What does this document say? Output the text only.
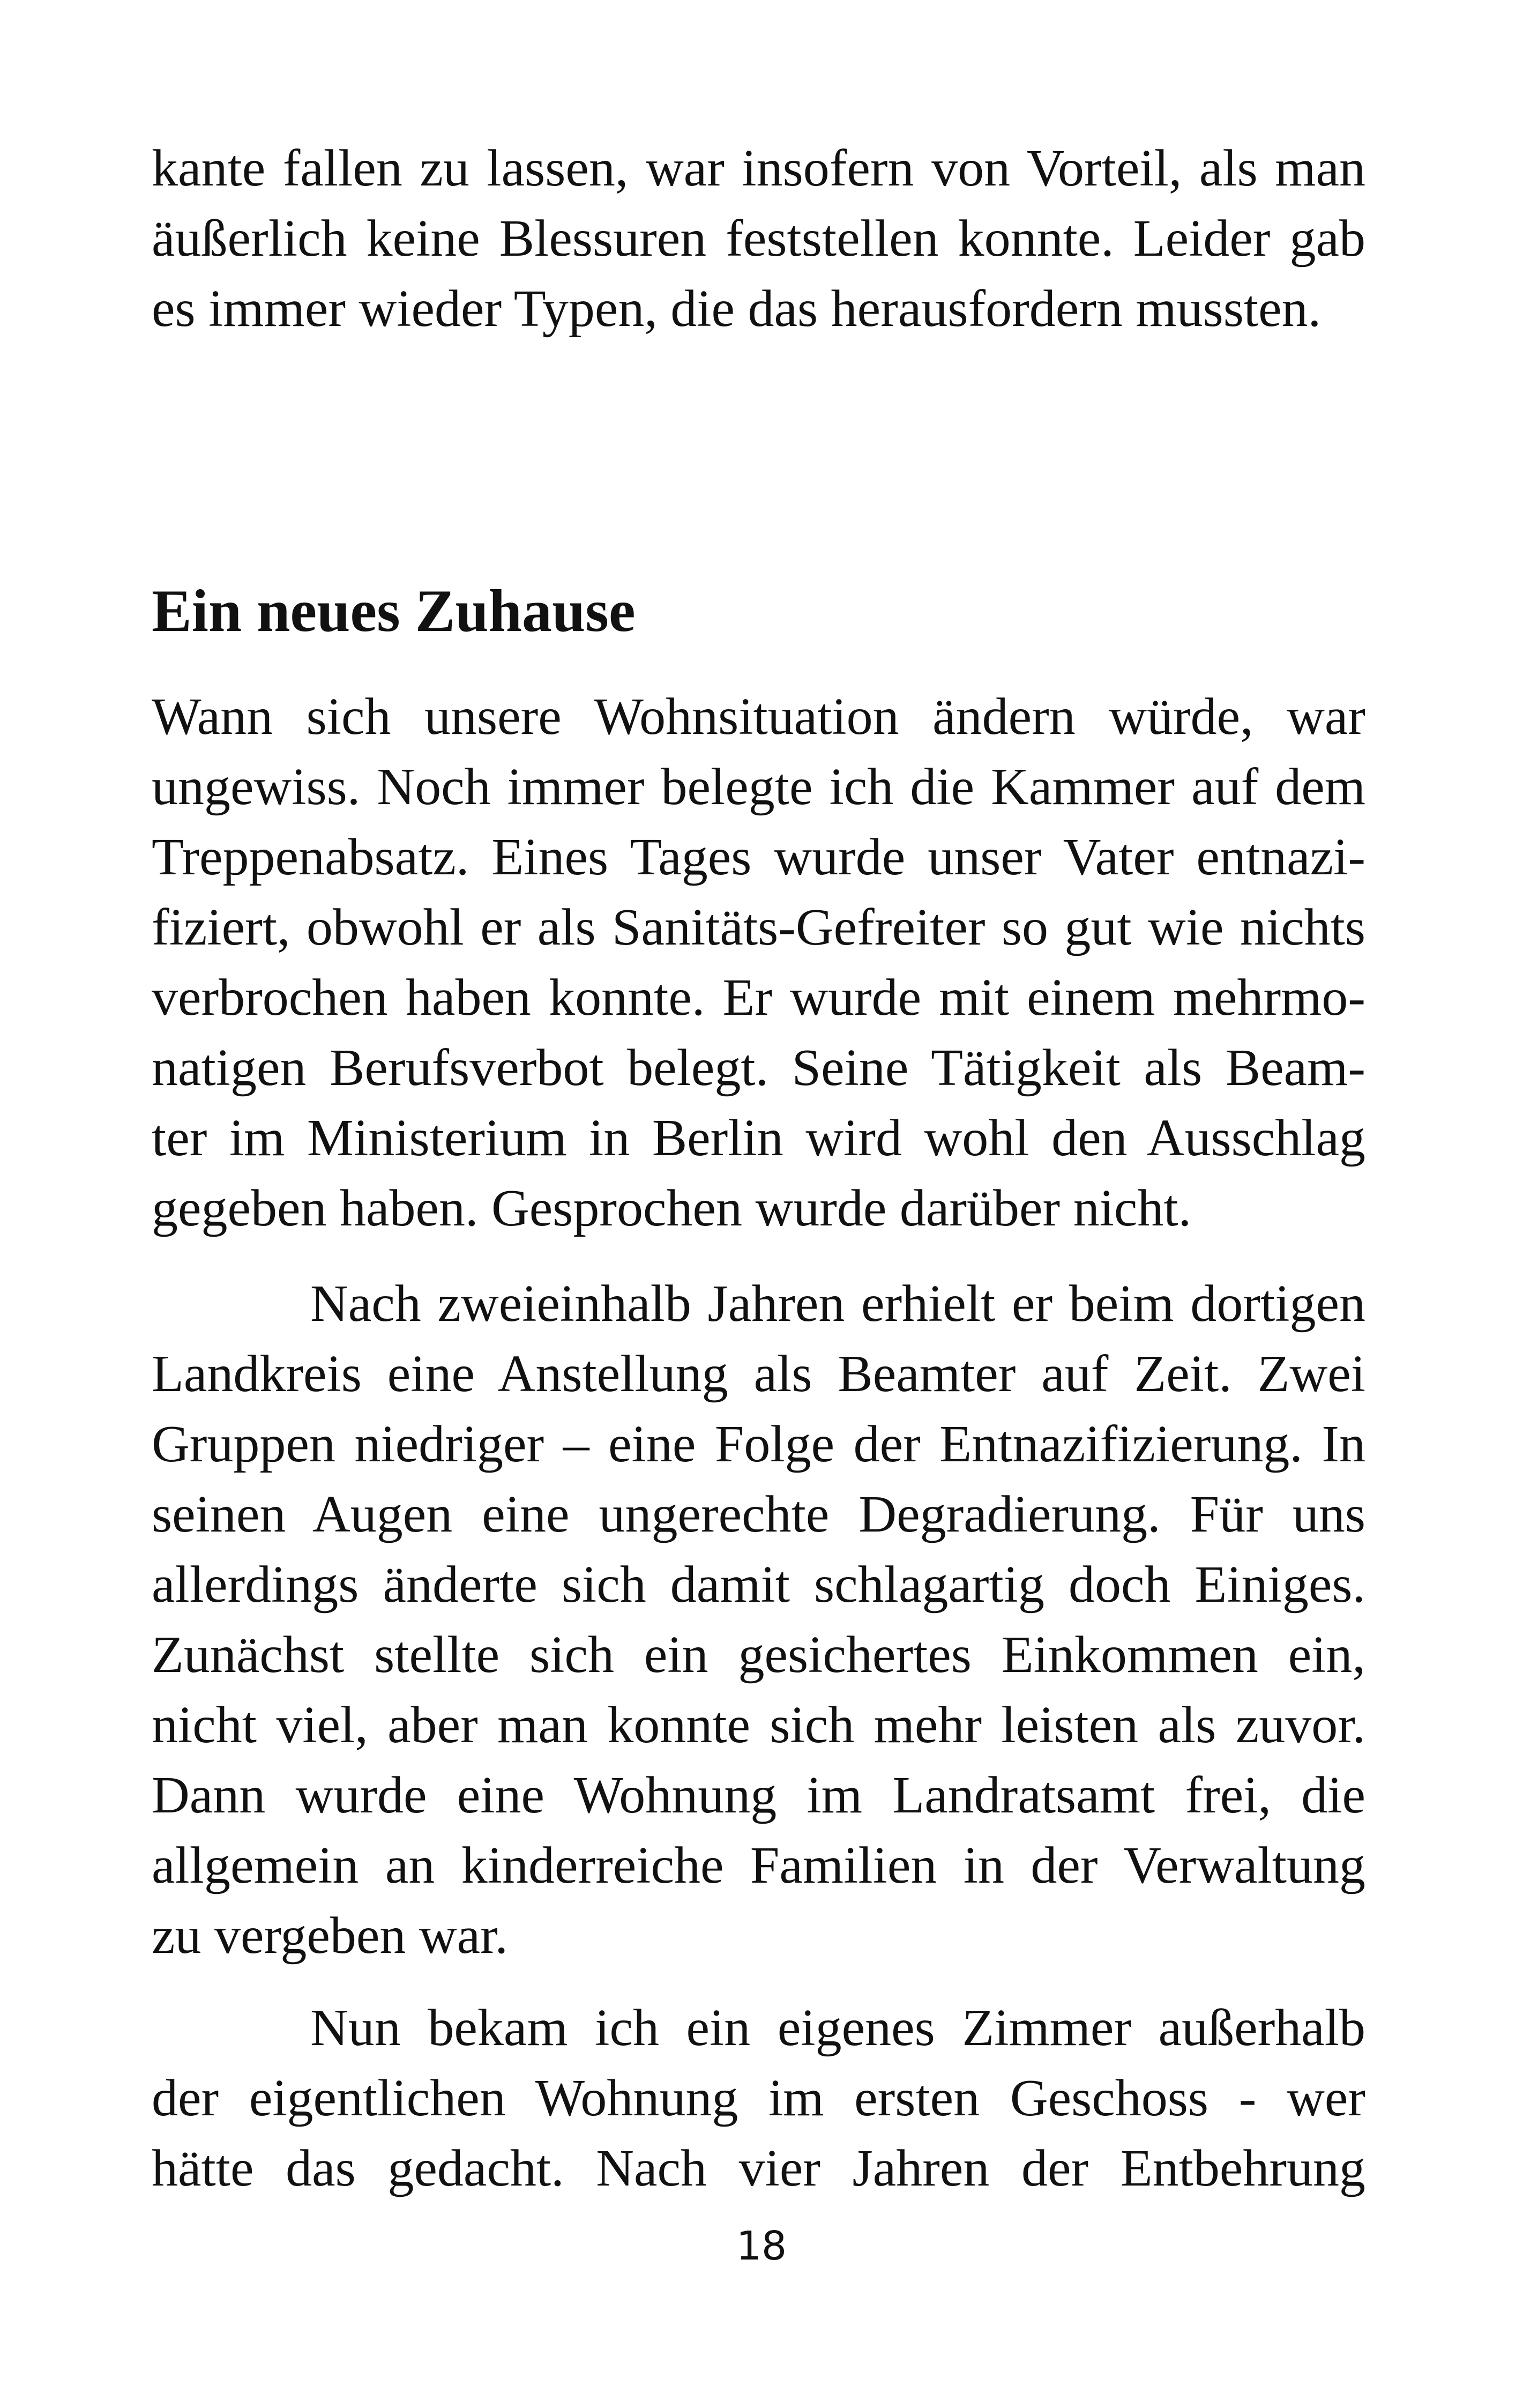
kante fallen zu lassen, war insofern von Vorteil, als man
äußerlich keine Blessuren feststellen konnte. Leider gab
es immer wieder Typen, die das herausfordern mussten.
Ein neues Zuhause
Wann sich unsere Wohnsituation ändern würde, war
ungewiss. Noch immer belegte ich die Kammer auf dem
Treppenabsatz. Eines Tages wurde unser Vater entnazi-
fiziert, obwohl er als Sanitäts-Gefreiter so gut wie nichts
verbrochen haben konnte. Er wurde mit einem mehrmo-
natigen Berufsverbot belegt. Seine Tätigkeit als Beam-
ter im Ministerium in Berlin wird wohl den Ausschlag
gegeben haben. Gesprochen wurde darüber nicht.
Nach zweieinhalb Jahren erhielt er beim dortigen
Landkreis eine Anstellung als Beamter auf Zeit. Zwei
Gruppen niedriger – eine Folge der Entnazifizierung. In
seinen Augen eine ungerechte Degradierung. Für uns
allerdings änderte sich damit schlagartig doch Einiges.
Zunächst stellte sich ein gesichertes Einkommen ein,
nicht viel, aber man konnte sich mehr leisten als zuvor.
Dann wurde eine Wohnung im Landratsamt frei, die
allgemein an kinderreiche Familien in der Verwaltung
zu vergeben war.
Nun bekam ich ein eigenes Zimmer außerhalb
der eigentlichen Wohnung im ersten Geschoss - wer
hätte das gedacht. Nach vier Jahren der Entbehrung
18
